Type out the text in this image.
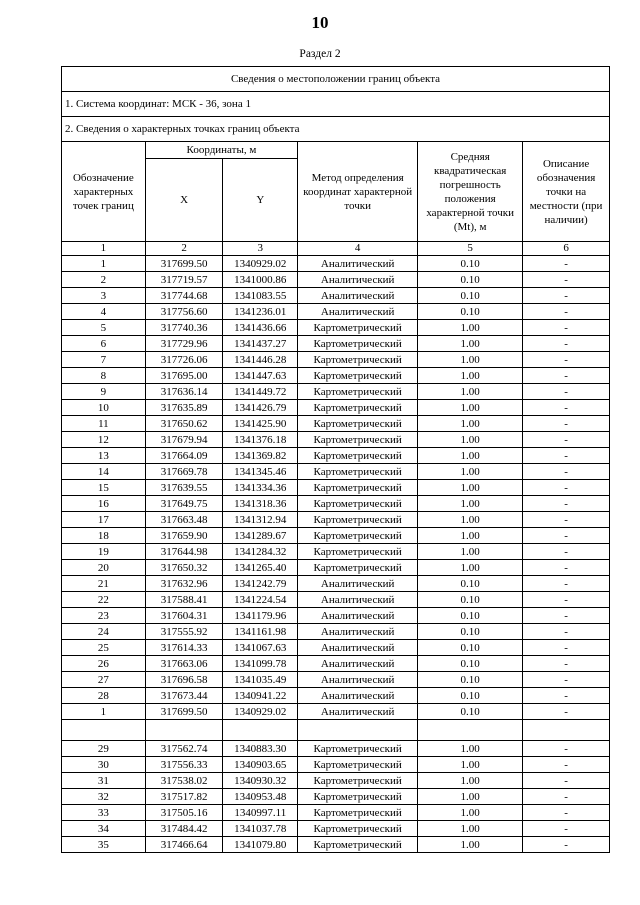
10
Раздел 2
Сведения о местоположении границ объекта					
1. Система координат: МСК - 36, зона 1					
2. Сведения о характерных точках границ объекта					
Обозначение характерных точек границ	Координаты, м		Метод определения координат характерной точки	Средняя квадратическая погрешность положения характерной точки (Mt), м	Описание обозначения точки на местности (при наличии)
	X	Y			
1	2	3	4	5	6
1	317699.50	1340929.02	Аналитический	0.10	-
2	317719.57	1341000.86	Аналитический	0.10	-
3	317744.68	1341083.55	Аналитический	0.10	-
4	317756.60	1341236.01	Аналитический	0.10	-
5	317740.36	1341436.66	Картометрический	1.00	-
6	317729.96	1341437.27	Картометрический	1.00	-
7	317726.06	1341446.28	Картометрический	1.00	-
8	317695.00	1341447.63	Картометрический	1.00	-
9	317636.14	1341449.72	Картометрический	1.00	-
10	317635.89	1341426.79	Картометрический	1.00	-
11	317650.62	1341425.90	Картометрический	1.00	-
12	317679.94	1341376.18	Картометрический	1.00	-
13	317664.09	1341369.82	Картометрический	1.00	-
14	317669.78	1341345.46	Картометрический	1.00	-
15	317639.55	1341334.36	Картометрический	1.00	-
16	317649.75	1341318.36	Картометрический	1.00	-
17	317663.48	1341312.94	Картометрический	1.00	-
18	317659.90	1341289.67	Картометрический	1.00	-
19	317644.98	1341284.32	Картометрический	1.00	-
20	317650.32	1341265.40	Картометрический	1.00	-
21	317632.96	1341242.79	Аналитический	0.10	-
22	317588.41	1341224.54	Аналитический	0.10	-
23	317604.31	1341179.96	Аналитический	0.10	-
24	317555.92	1341161.98	Аналитический	0.10	-
25	317614.33	1341067.63	Аналитический	0.10	-
26	317663.06	1341099.78	Аналитический	0.10	-
27	317696.58	1341035.49	Аналитический	0.10	-
28	317673.44	1340941.22	Аналитический	0.10	-
1	317699.50	1340929.02	Аналитический	0.10	-

29	317562.74	1340883.30	Картометрический	1.00	-
30	317556.33	1340903.65	Картометрический	1.00	-
31	317538.02	1340930.32	Картометрический	1.00	-
32	317517.82	1340953.48	Картометрический	1.00	-
33	317505.16	1340997.11	Картометрический	1.00	-
34	317484.42	1341037.78	Картометрический	1.00	-
35	317466.64	1341079.80	Картометрический	1.00	-
